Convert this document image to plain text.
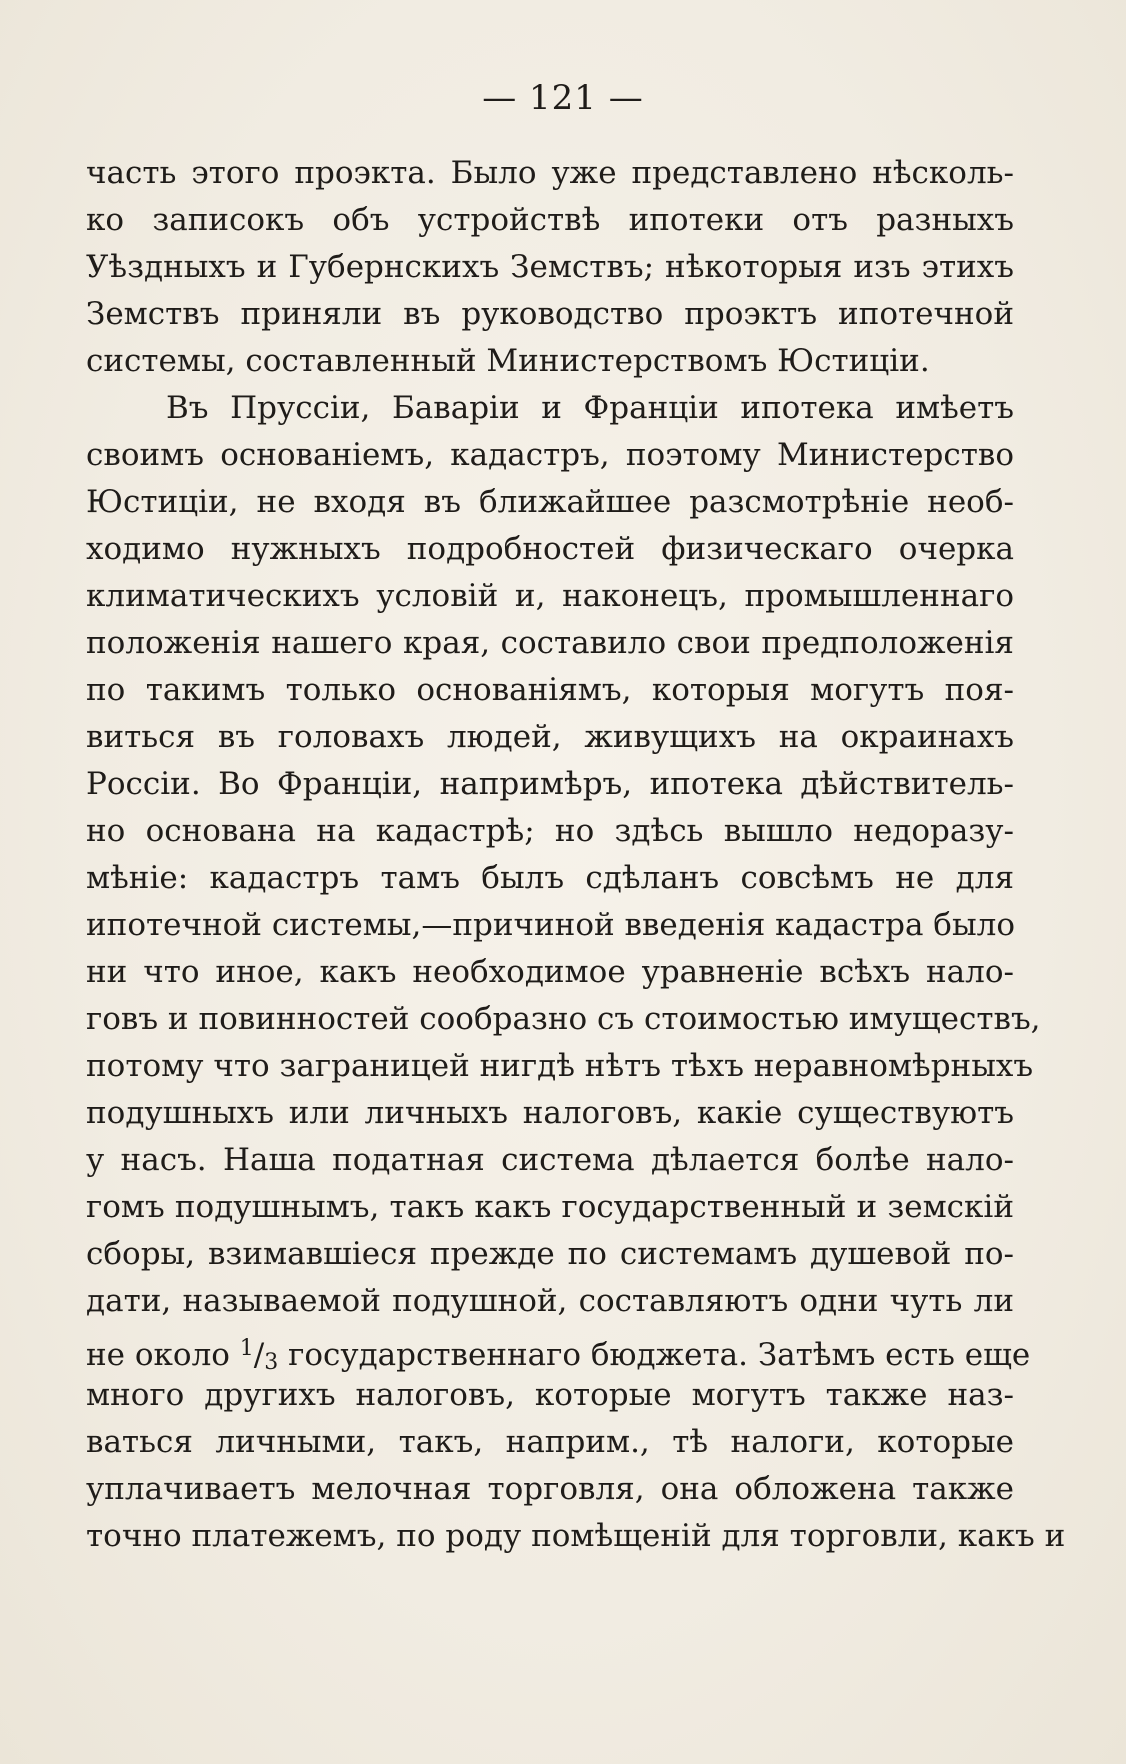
— 121 —
часть этого проэкта. Было уже представлено нѣсколь-
ко записокъ объ устройствѣ ипотеки отъ разныхъ
Уѣздныхъ и Губернскихъ Земствъ; нѣкоторыя изъ этихъ
Земствъ приняли въ руководство проэктъ ипотечной
системы, составленный Министерствомъ Юстиціи.
Въ Пруссіи, Баваріи и Франціи ипотека имѣетъ
своимъ основаніемъ, кадастръ, поэтому Министерство
Юстиціи, не входя въ ближайшее разсмотрѣніе необ-
ходимо нужныхъ подробностей физическаго очерка
климатическихъ условій и, наконецъ, промышленнаго
положенія нашего края, составило свои предположенія
по такимъ только основаніямъ, которыя могутъ поя-
виться въ головахъ людей, живущихъ на окраинахъ
Россіи. Во Франціи, напримѣръ, ипотека дѣйствитель-
но основана на кадастрѣ; но здѣсь вышло недоразу-
мѣніе: кадастръ тамъ былъ сдѣланъ совсѣмъ не для
ипотечной системы,—причиной введенія кадастра было
ни что иное, какъ необходимое уравненіе всѣхъ нало-
говъ и повинностей сообразно съ стоимостью имуществъ,
потому что заграницей нигдѣ нѣтъ тѣхъ неравномѣрныхъ
подушныхъ или личныхъ налоговъ, какіе существуютъ
у насъ. Наша податная система дѣлается болѣе нало-
гомъ подушнымъ, такъ какъ государственный и земскій
сборы, взимавшіеся прежде по системамъ душевой по-
дати, называемой подушной, составляютъ одни чуть ли
не около $^1$/3 государственнаго бюджета. Затѣмъ есть еще
много другихъ налоговъ, которые могутъ также наз-
ваться личными, такъ, наприм., тѣ налоги, которые
уплачиваетъ мелочная торговля, она обложена также
точно платежемъ, по роду помѣщеній для торговли, какъ и
